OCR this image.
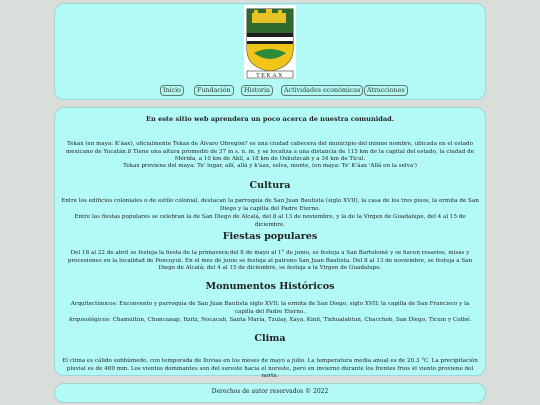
TEKAX
Inicio	Fundación	Historia	Actividades económicas	Atracciones
En este sitio web aprendera un poco acerca de nuestra comunidad.
Tekax (en maya: K'áax), oficialmente Tekax de Álvaro Obregón? es una ciudad cabecera del municipio del mismo nombre, ubicada en el estado mexicano de Yucatán.8 Tiene una altura promedio de 37 m s. n. m. y se localiza a una distancia de 115 km de la capital del estado, la ciudad de Mérida, a 10 km de Akil, a 18 km de Oxkutzcab y a 34 km de Ticul.
Tekax proviene del maya: Te' lugar, allí, allá y k'áax, selva, monte, (en maya: Te' K'áax 'Allá en la selva')
Cultura
Entre los edificios coloniales o de estilo colonial, destacan la parroquia de San Juan Bautista (siglo XVII), la casa de los tres pisos, la ermita de San Diego y la capilla del Padre Eterno.
Entre las fiestas populares se celebran la de San Diego de Alcalá, del 8 al 13 de noviembre, y la de la Virgen de Guadalupe, del 4 al 15 de diciembre.
Fiestas populares
Del 18 al 22 de abril se festeja la fiesta de la primavera;del 8 de mayo al 1° de junio, se festeja a San Bartolomé y se hacen rosarios, misas y procesiones en la localidad de Pencuyut. En el mes de junio se festeja al patrono San Juan Bautista. Del 8 al 13 de noviembre, se festeja a San Diego de Alcalá; del 4 al 15 de diciembre, se festeja a la Virgen de Guadalupe.
Monumentos Históricos
Arquitectónicos: Exconvento y parroquia de San Juan Bautista siglo XVII; la ermita de San Diego, siglo XVII; la capilla de San Francisco y la capilla del Padre Eterno.
Arqueológicos: Chamultún, Chuncanap, Itzitz, Nocacab, Santa María, Tzulay, Xaya, Kinil, Tixhualahtun, Chacchob, San Diego, Ticum y Cotbé.
Clima
El clima es cálido subhúmedo, con temporada de lluvias en los meses de mayo a julio. La temperatura media anual es de 20.3 °C. La precipitación pluvial es de 469 mm. Los vientos dominantes son del sureste hacia el noreste, pero en invierno durante los frentes frios el viento proviene del norte.
Derechos de autor reservados © 2022
